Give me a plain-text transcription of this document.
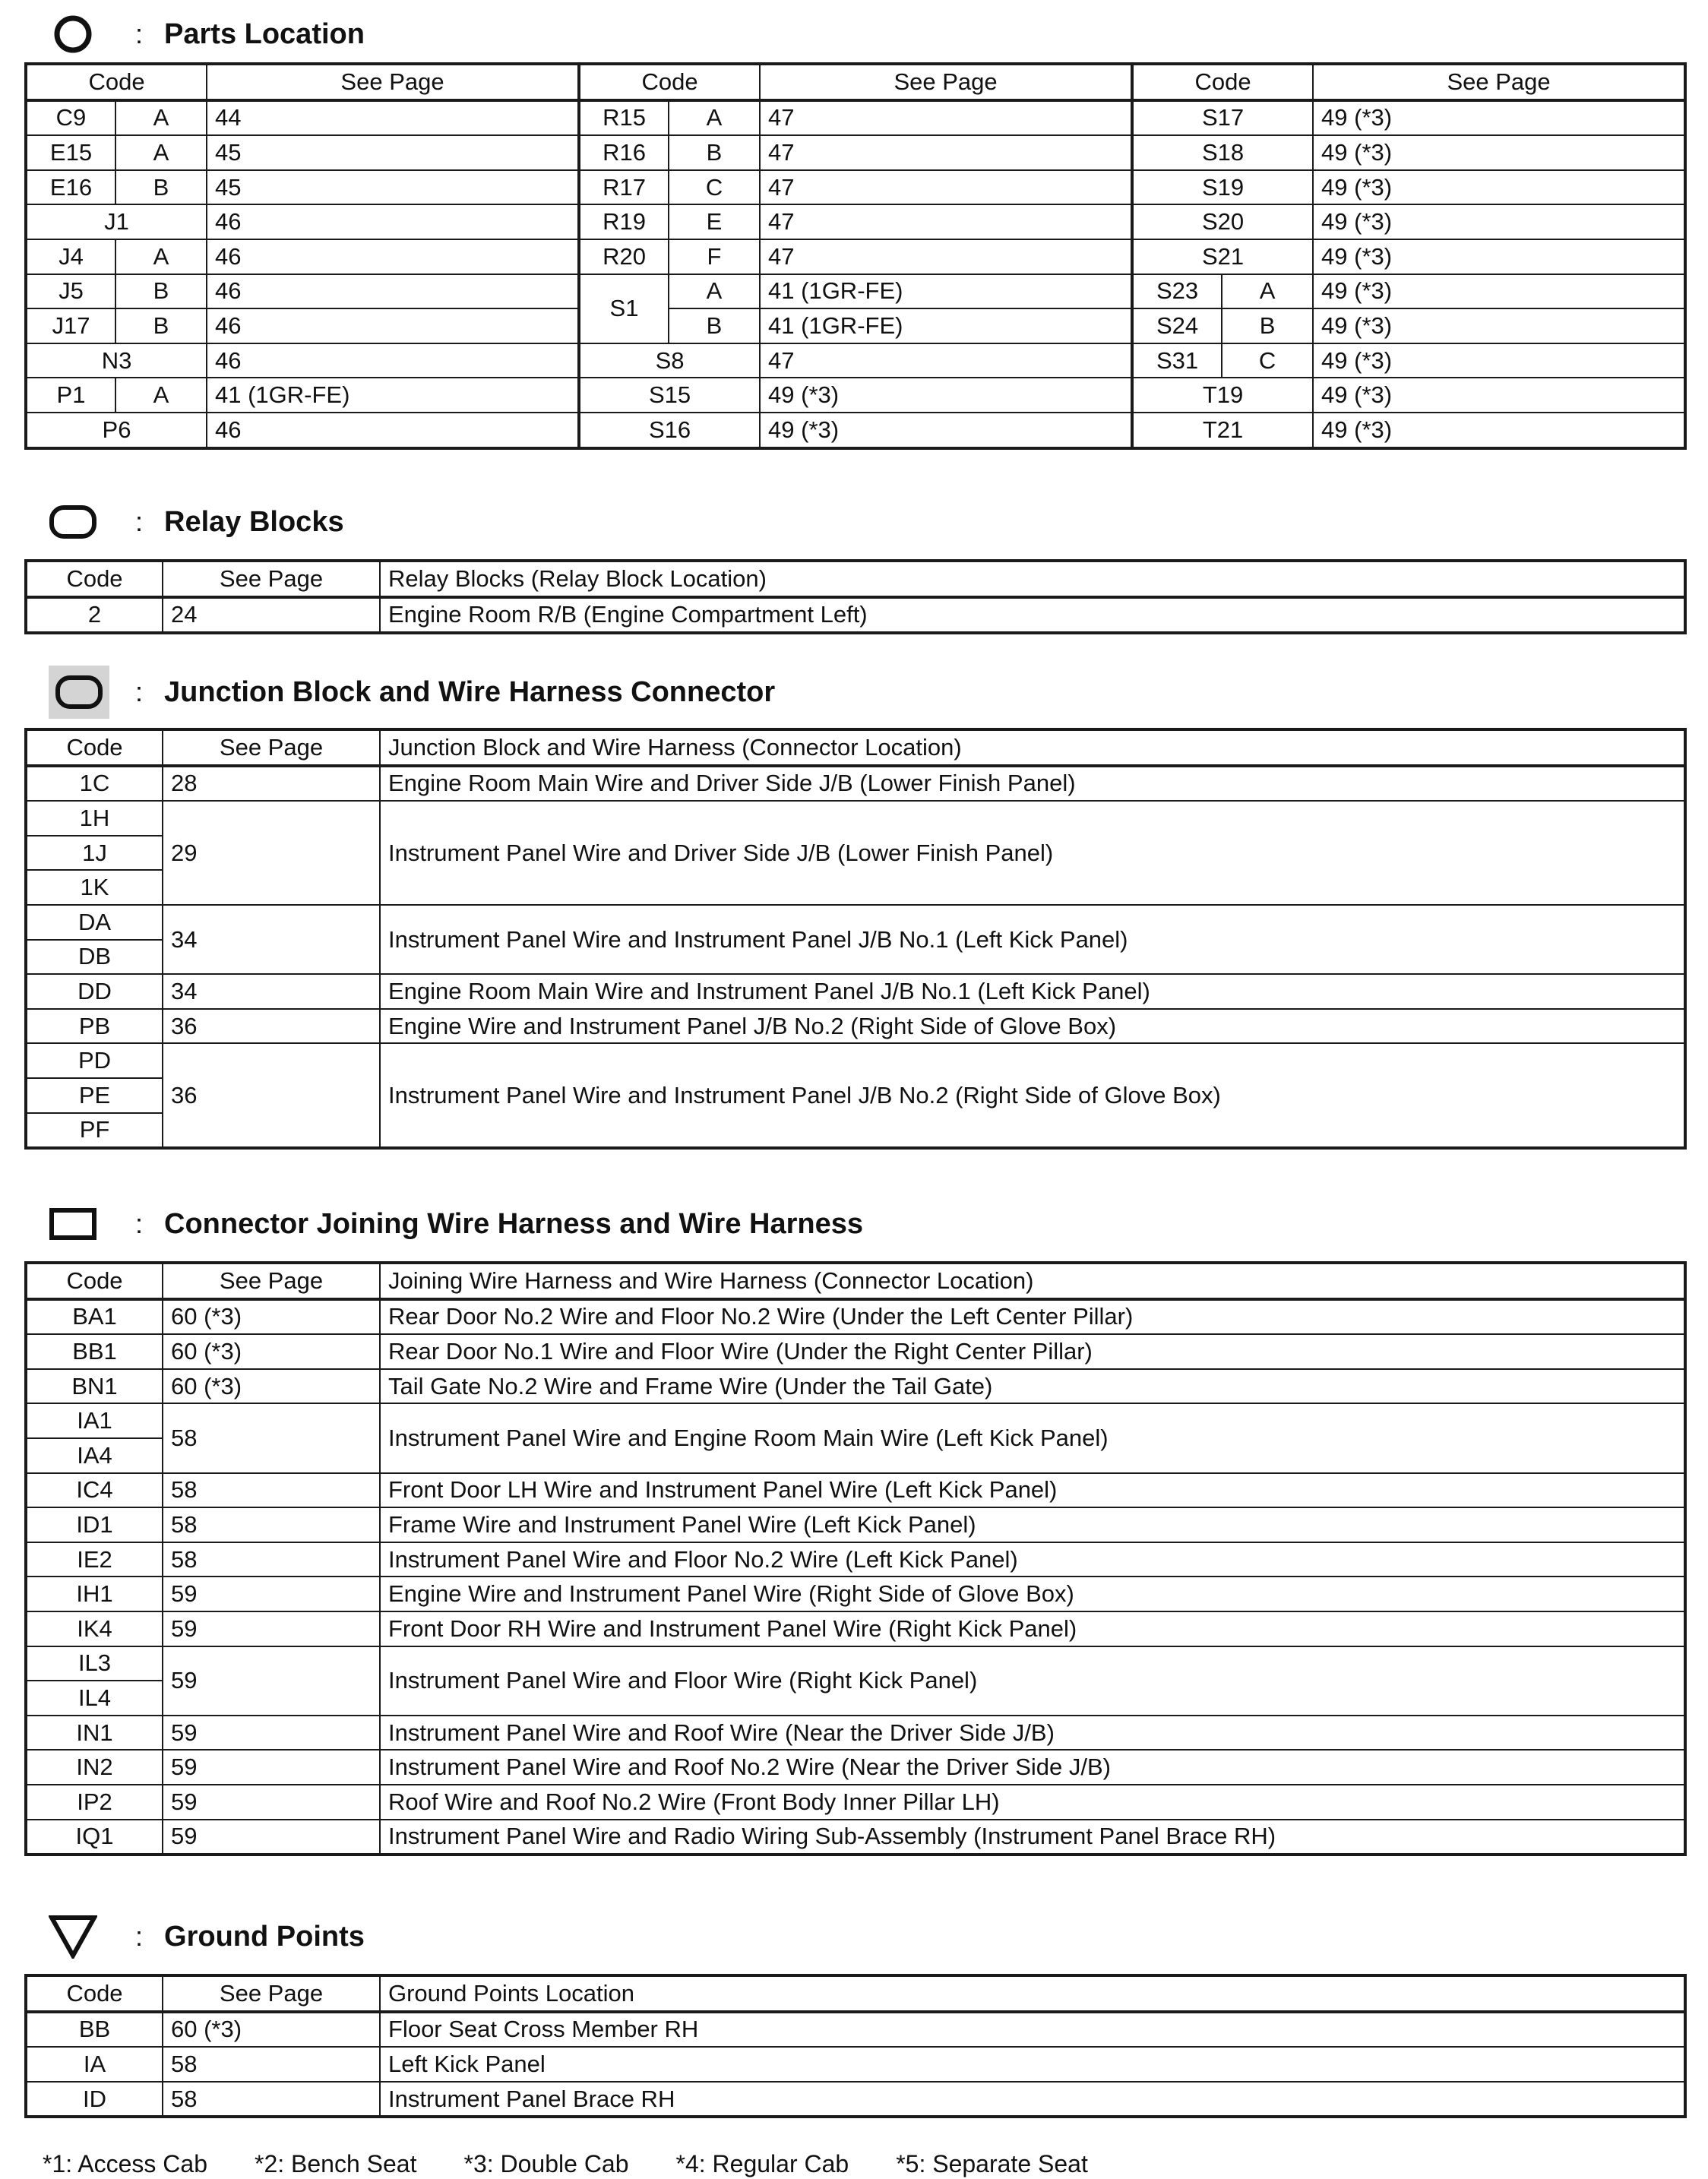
: Parts Location
Code		See Page	Code		See Page	Code		See Page
C9	A	44	R15	A	47	S17		49 (*3)
E15	A	45	R16	B	47	S18		49 (*3)
E16	B	45	R17	C	47	S19		49 (*3)
J1		46	R19	E	47	S20		49 (*3)
J4	A	46	R20	F	47	S21		49 (*3)
J5	B	46	S1	A	41 (1GR-FE)	S23	A	49 (*3)
J17	B	46		B	41 (1GR-FE)	S24	B	49 (*3)
N3		46	S8		47	S31	C	49 (*3)
P1	A	41 (1GR-FE)	S15		49 (*3)	T19		49 (*3)
P6		46	S16		49 (*3)	T21		49 (*3)
: Relay Blocks
Code	See Page	Relay Blocks (Relay Block Location)
2	24	Engine Room R/B (Engine Compartment Left)
: Junction Block and Wire Harness Connector
Code	See Page	Junction Block and Wire Harness (Connector Location)
1C	28	Engine Room Main Wire and Driver Side J/B (Lower Finish Panel)
1H	29	Instrument Panel Wire and Driver Side J/B (Lower Finish Panel)
1J		
1K		
DA	34	Instrument Panel Wire and Instrument Panel J/B No.1 (Left Kick Panel)
DB		
DD	34	Engine Room Main Wire and Instrument Panel J/B No.1 (Left Kick Panel)
PB	36	Engine Wire and Instrument Panel J/B No.2 (Right Side of Glove Box)
PD	36	Instrument Panel Wire and Instrument Panel J/B No.2 (Right Side of Glove Box)
PE		
PF		
: Connector Joining Wire Harness and Wire Harness
Code	See Page	Joining Wire Harness and Wire Harness (Connector Location)
BA1	60 (*3)	Rear Door No.2 Wire and Floor No.2 Wire (Under the Left Center Pillar)
BB1	60 (*3)	Rear Door No.1 Wire and Floor Wire (Under the Right Center Pillar)
BN1	60 (*3)	Tail Gate No.2 Wire and Frame Wire (Under the Tail Gate)
IA1	58	Instrument Panel Wire and Engine Room Main Wire (Left Kick Panel)
IA4		
IC4	58	Front Door LH Wire and Instrument Panel Wire (Left Kick Panel)
ID1	58	Frame Wire and Instrument Panel Wire (Left Kick Panel)
IE2	58	Instrument Panel Wire and Floor No.2 Wire (Left Kick Panel)
IH1	59	Engine Wire and Instrument Panel Wire (Right Side of Glove Box)
IK4	59	Front Door RH Wire and Instrument Panel Wire (Right Kick Panel)
IL3	59	Instrument Panel Wire and Floor Wire (Right Kick Panel)
IL4		
IN1	59	Instrument Panel Wire and Roof Wire (Near the Driver Side J/B)
IN2	59	Instrument Panel Wire and Roof No.2 Wire (Near the Driver Side J/B)
IP2	59	Roof Wire and Roof No.2 Wire (Front Body Inner Pillar LH)
IQ1	59	Instrument Panel Wire and Radio Wiring Sub-Assembly (Instrument Panel Brace RH)
: Ground Points
Code	See Page	Ground Points Location
BB	60 (*3)	Floor Seat Cross Member RH
IA	58	Left Kick Panel
ID	58	Instrument Panel Brace RH
*1: Access Cab *2: Bench Seat *3: Double Cab *4: Regular Cab *5: Separate Seat
